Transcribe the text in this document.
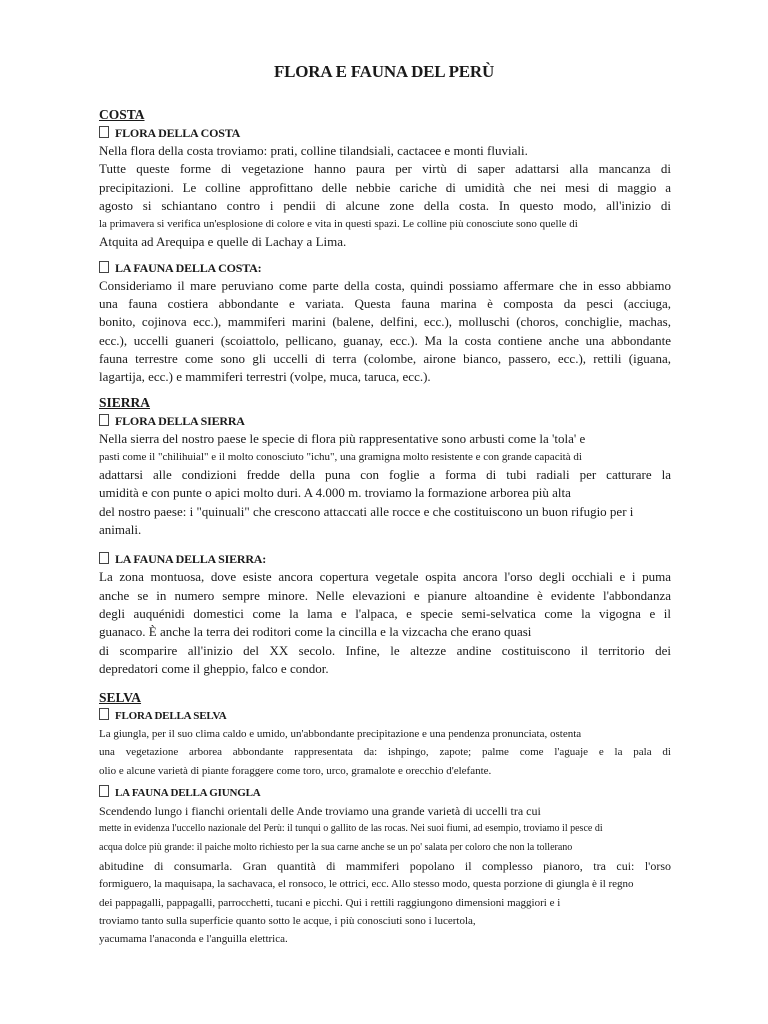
FLORA E FAUNA DEL PERÙ
COSTA
FLORA DELLA COSTA
Nella flora della costa troviamo: prati, colline tilandsiali, cactacee e monti fluviali.
Tutte queste forme di vegetazione hanno paura per virtù di saper adattarsi alla mancanza di
precipitazioni. Le colline approfittano delle nebbie cariche di umidità che nei mesi di maggio a
agosto si schiantano contro i pendii di alcune zone della costa. In questo modo, all'inizio di
la primavera si verifica un'esplosione di colore e vita in questi spazi. Le colline più conosciute sono quelle di
Atquita ad Arequipa e quelle di Lachay a Lima.
LA FAUNA DELLA COSTA:
Consideriamo il mare peruviano come parte della costa, quindi possiamo affermare che in esso abbiamo
una fauna costiera abbondante e variata. Questa fauna marina è composta da pesci (acciuga,
bonito, cojinova ecc.), mammiferi marini (balene, delfini, ecc.), molluschi (choros, conchiglie, machas,
ecc.), uccelli guaneri (scoiattolo, pellicano, guanay, ecc.). Ma la costa contiene anche una abbondante
fauna terrestre come sono gli uccelli di terra (colombe, airone bianco, passero, ecc.), rettili (iguana,
lagartija, ecc.) e mammiferi terrestri (volpe, muca, taruca, ecc.).
SIERRA
FLORA DELLA SIERRA
Nella sierra del nostro paese le specie di flora più rappresentative sono arbusti come la 'tola' e
pasti come il "chilihuial" e il molto conosciuto "ichu", una gramigna molto resistente e con grande capacità di
adattarsi alle condizioni fredde della puna con foglie a forma di tubi radiali per catturare la
umidità e con punte o apici molto duri. A 4.000 m. troviamo la formazione arborea più alta
del nostro paese: i "quinuali" che crescono attaccati alle rocce e che costituiscono un buon rifugio per i
animali.
LA FAUNA DELLA SIERRA:
La zona montuosa, dove esiste ancora copertura vegetale ospita ancora l'orso degli occhiali e i puma
anche se in numero sempre minore. Nelle elevazioni e pianure altoandine è evidente l'abbondanza
degli auquénidi domestici come la lama e l'alpaca, e specie semi-selvatica come la vigogna e il
guanaco. È anche la terra dei roditori come la cincilla e la vizcacha che erano quasi
di scomparire all'inizio del XX secolo. Infine, le altezze andine costituiscono il territorio dei
depredatori come il gheppio, falco e condor.
SELVA
FLORA DELLA SELVA
La giungla, per il suo clima caldo e umido, un'abbondante precipitazione e una pendenza pronunciata, ostenta
una vegetazione arborea abbondante rappresentata da: ishpingo, zapote; palme come l'aguaje e la pala di
olio e alcune varietà di piante foraggere come toro, urco, gramalote e orecchio d'elefante.
LA FAUNA DELLA GIUNGLA
Scendendo lungo i fianchi orientali delle Ande troviamo una grande varietà di uccelli tra cui
mette in evidenza l'uccello nazionale del Perù: il tunqui o gallito de las rocas. Nei suoi fiumi, ad esempio, troviamo il pesce di
acqua dolce più grande: il paiche molto richiesto per la sua carne anche se un po' salata per coloro che non la tollerano
abitudine di consumarla. Gran quantità di mammiferi popolano il complesso pianoro, tra cui: l'orso
formiguero, la maquisapa, la sachavaca, el ronsoco, le ottrici, ecc. Allo stesso modo, questa porzione di giungla è il regno
dei pappagalli, pappagalli, parrocchetti, tucani e picchi. Qui i rettili raggiungono dimensioni maggiori e i
troviamo tanto sulla superficie quanto sotto le acque, i più conosciuti sono i lucertola,
yacumama l'anaconda e l'anguilla elettrica.
